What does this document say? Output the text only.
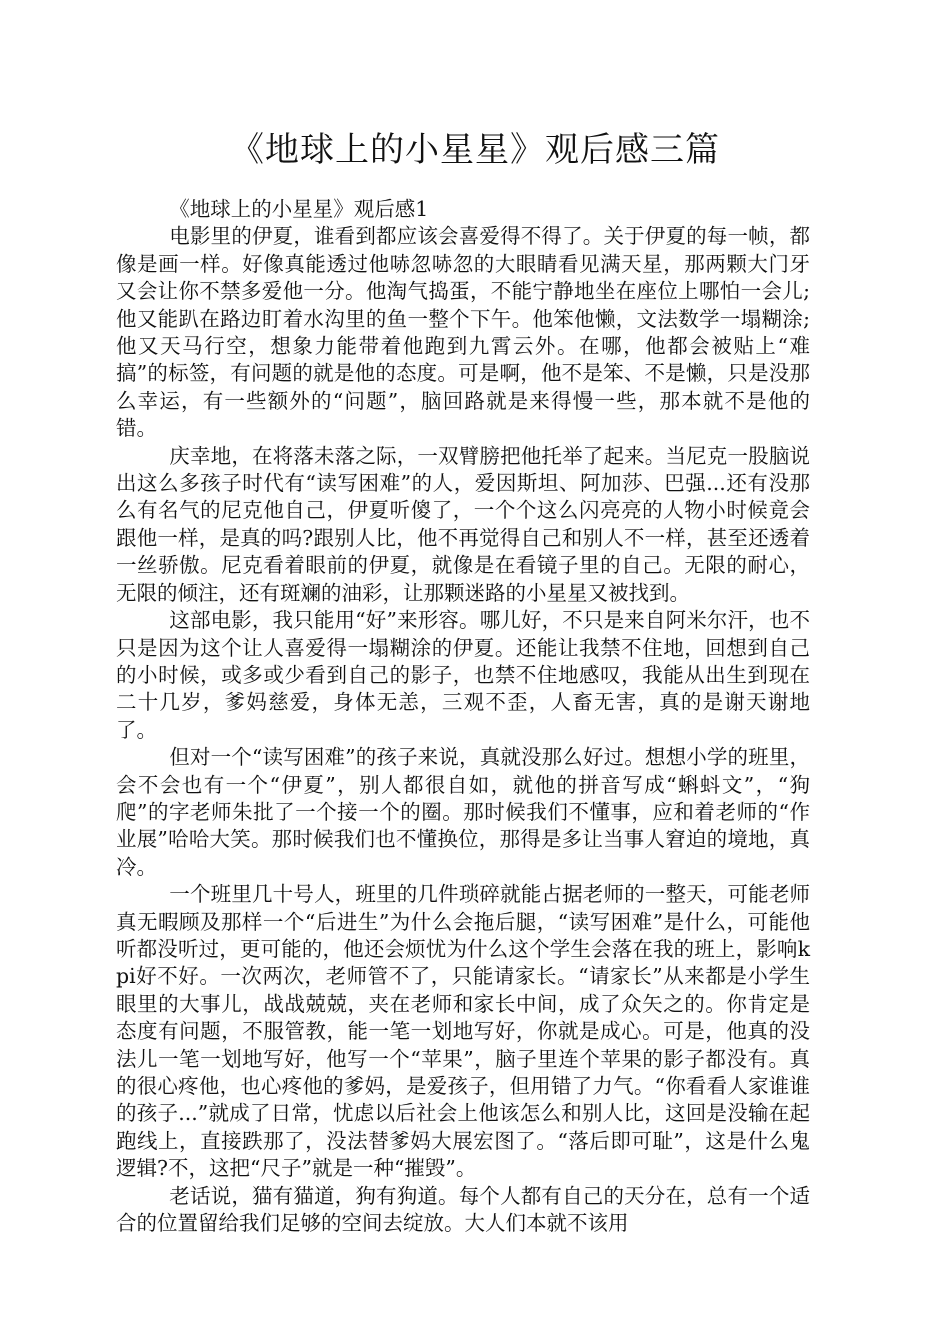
《地球上的小星星》观后感三篇

《地球上的小星星》观后感1

电影里的伊夏，谁看到都应该会喜爱得不得了。关于伊夏的每一帧，都像是画一样。好像真能透过他哧忽哧忽的大眼睛看见满天星，那两颗大门牙又会让你不禁多爱他一分。他淘气捣蛋，不能宁静地坐在座位上哪怕一会儿;他又能趴在路边盯着水沟里的鱼一整个下午。他笨他懒，文法数学一塌糊涂;他又天马行空，想象力能带着他跑到九霄云外。在哪，他都会被贴上“难搞”的标签，有问题的就是他的态度。可是啊，他不是笨、不是懒，只是没那么幸运，有一些额外的“问题”，脑回路就是来得慢一些，那本就不是他的错。

庆幸地，在将落未落之际，一双臂膀把他托举了起来。当尼克一股脑说出这么多孩子时代有“读写困难”的人，爱因斯坦、阿加莎、巴强...还有没那么有名气的尼克他自己，伊夏听傻了，一个个这么闪亮亮的人物小时候竟会跟他一样，是真的吗?跟别人比，他不再觉得自己和别人不一样，甚至还透着一丝骄傲。尼克看着眼前的伊夏，就像是在看镜子里的自己。无限的耐心，无限的倾注，还有斑斓的油彩，让那颗迷路的小星星又被找到。

这部电影，我只能用“好”来形容。哪儿好，不只是来自阿米尔汗，也不只是因为这个让人喜爱得一塌糊涂的伊夏。还能让我禁不住地，回想到自己的小时候，或多或少看到自己的影子，也禁不住地感叹，我能从出生到现在二十几岁，爹妈慈爱，身体无恙，三观不歪，人畜无害，真的是谢天谢地了。

但对一个“读写困难”的孩子来说，真就没那么好过。想想小学的班里，会不会也有一个“伊夏”，别人都很自如，就他的拼音写成“蝌蚪文”，“狗爬”的字老师朱批了一个接一个的圈。那时候我们不懂事，应和着老师的“作业展”哈哈大笑。那时候我们也不懂换位，那得是多让当事人窘迫的境地，真冷。

一个班里几十号人，班里的几件琐碎就能占据老师的一整天，可能老师真无暇顾及那样一个“后进生”为什么会拖后腿，“读写困难”是什么，可能他听都没听过，更可能的，他还会烦忧为什么这个学生会落在我的班上，影响kpi好不好。一次两次，老师管不了，只能请家长。“请家长”从来都是小学生眼里的大事儿，战战兢兢，夹在老师和家长中间，成了众矢之的。你肯定是态度有问题，不服管教，能一笔一划地写好，你就是成心。可是，他真的没法儿一笔一划地写好，他写一个“苹果”，脑子里连个苹果的影子都没有。真的很心疼他，也心疼他的爹妈，是爱孩子，但用错了力气。“你看看人家谁谁的孩子...”就成了日常，忧虑以后社会上他该怎么和别人比，这回是没输在起跑线上，直接跌那了，没法替爹妈大展宏图了。“落后即可耻”，这是什么鬼逻辑?不，这把“尺子”就是一种“摧毁”。

老话说，猫有猫道，狗有狗道。每个人都有自己的天分在，总有一个适合的位置留给我们足够的空间去绽放。大人们本就不该用
